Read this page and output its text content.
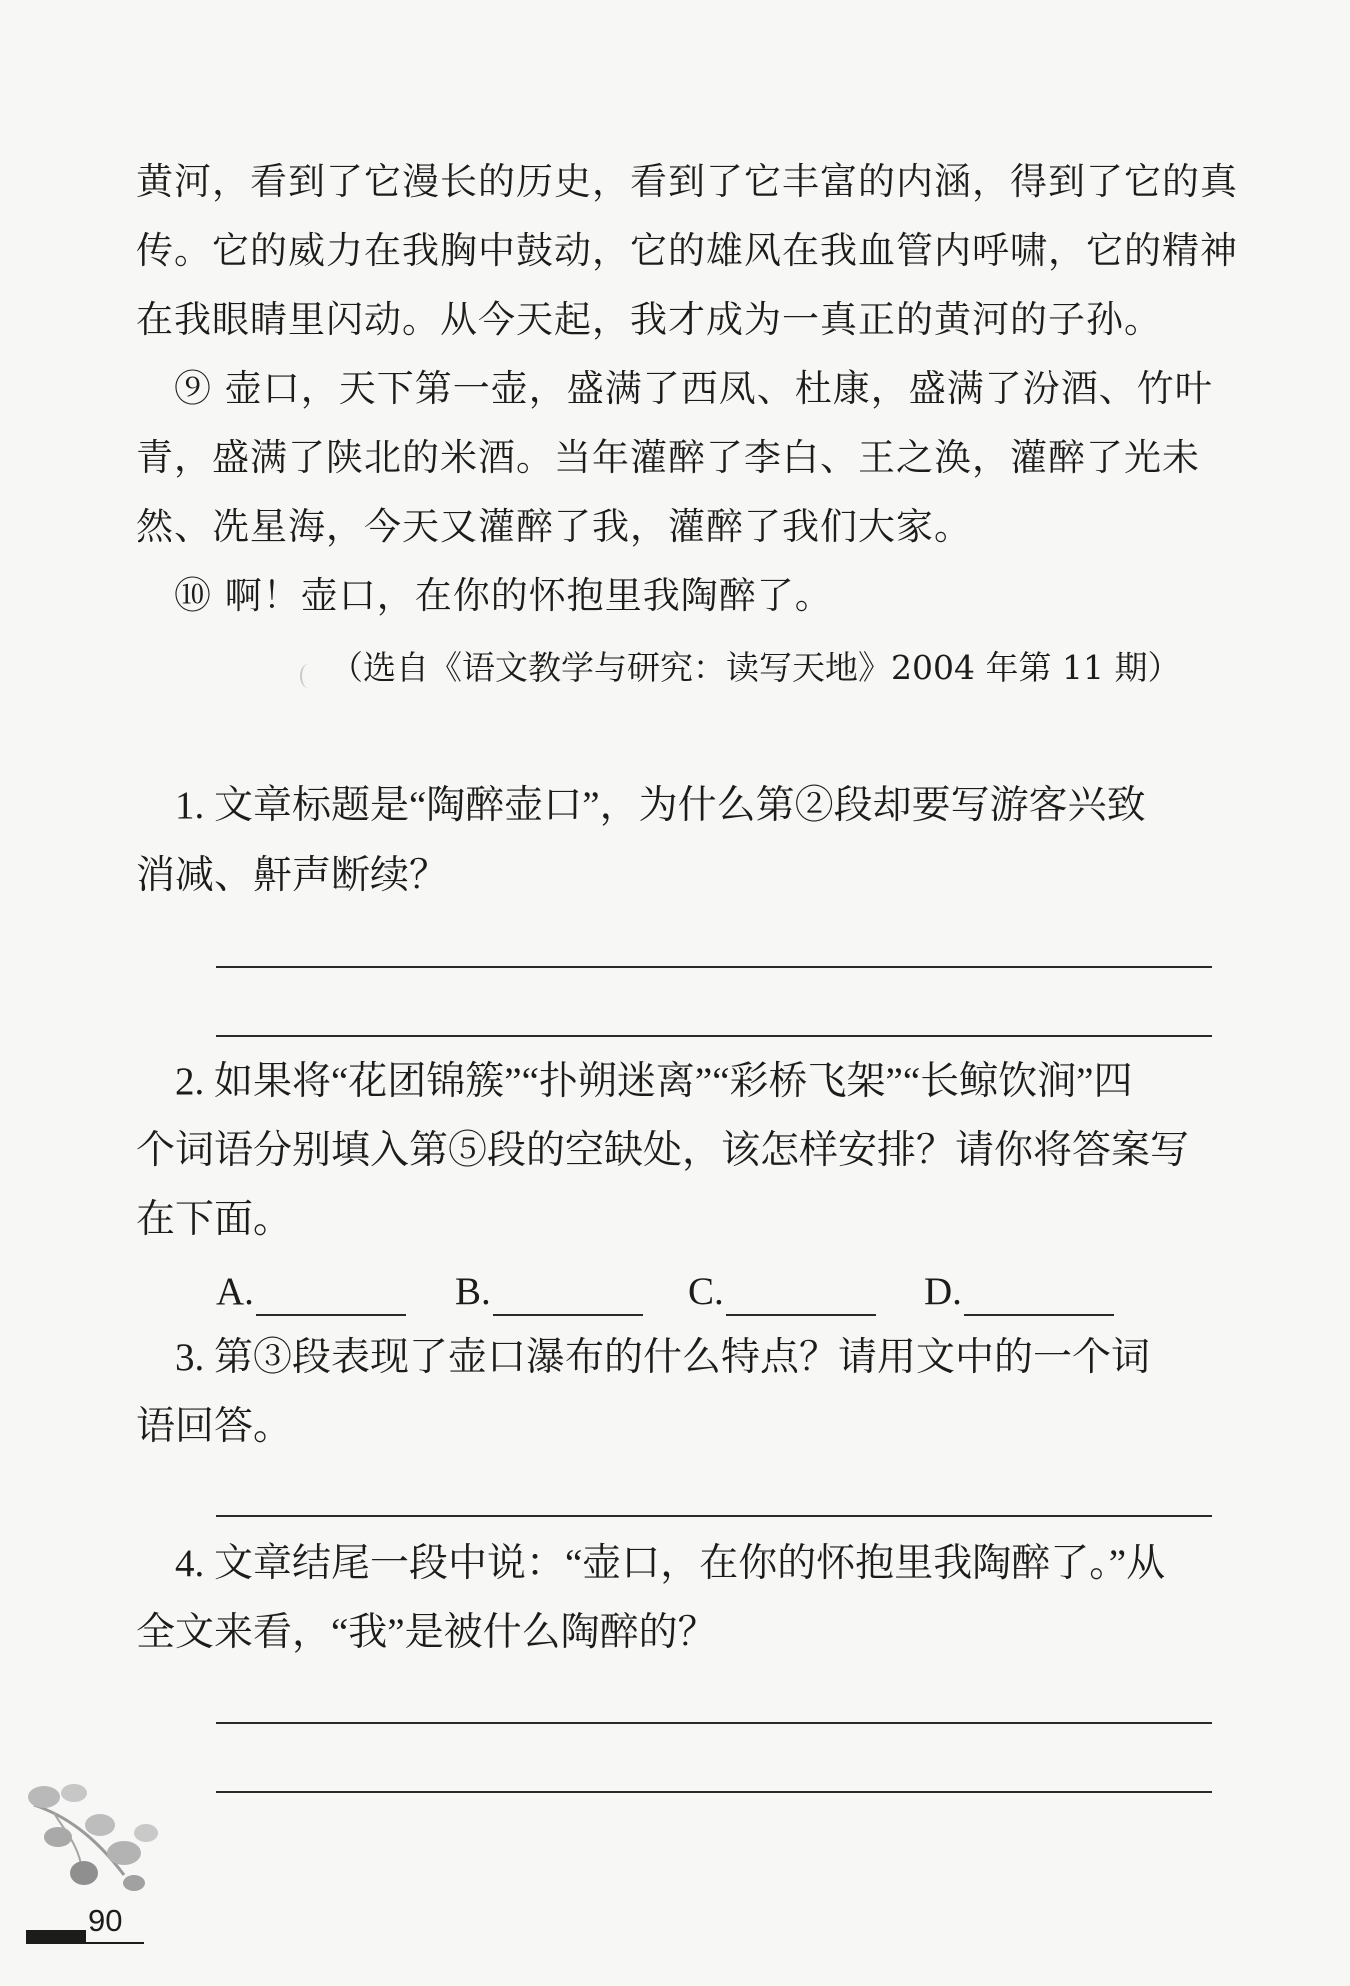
黄河，看到了它漫长的历史，看到了它丰富的内涵，得到了它的真
传。它的威力在我胸中鼓动，它的雄风在我血管内呼啸，它的精神
在我眼睛里闪动。从今天起，我才成为一真正的黄河的子孙。
　⑨ 壶口，天下第一壶，盛满了西凤、杜康，盛满了汾酒、竹叶
青，盛满了陕北的米酒。当年灌醉了李白、王之涣，灌醉了光未
然、冼星海，今天又灌醉了我，灌醉了我们大家。
　⑩ 啊！壶口，在你的怀抱里我陶醉了。
（选自《语文教学与研究：读写天地》2004 年第 11 期）
　1. 文章标题是“陶醉壶口”，为什么第②段却要写游客兴致
消减、鼾声断续？
　2. 如果将“花团锦簇”“扑朔迷离”“彩桥飞架”“长鲸饮涧”四
个词语分别填入第⑤段的空缺处，该怎样安排？请你将答案写
在下面。
A.	B.	C.	D.
　3. 第③段表现了壶口瀑布的什么特点？请用文中的一个词
语回答。
　4. 文章结尾一段中说：“壶口，在你的怀抱里我陶醉了。”从
全文来看，“我”是被什么陶醉的？
90
